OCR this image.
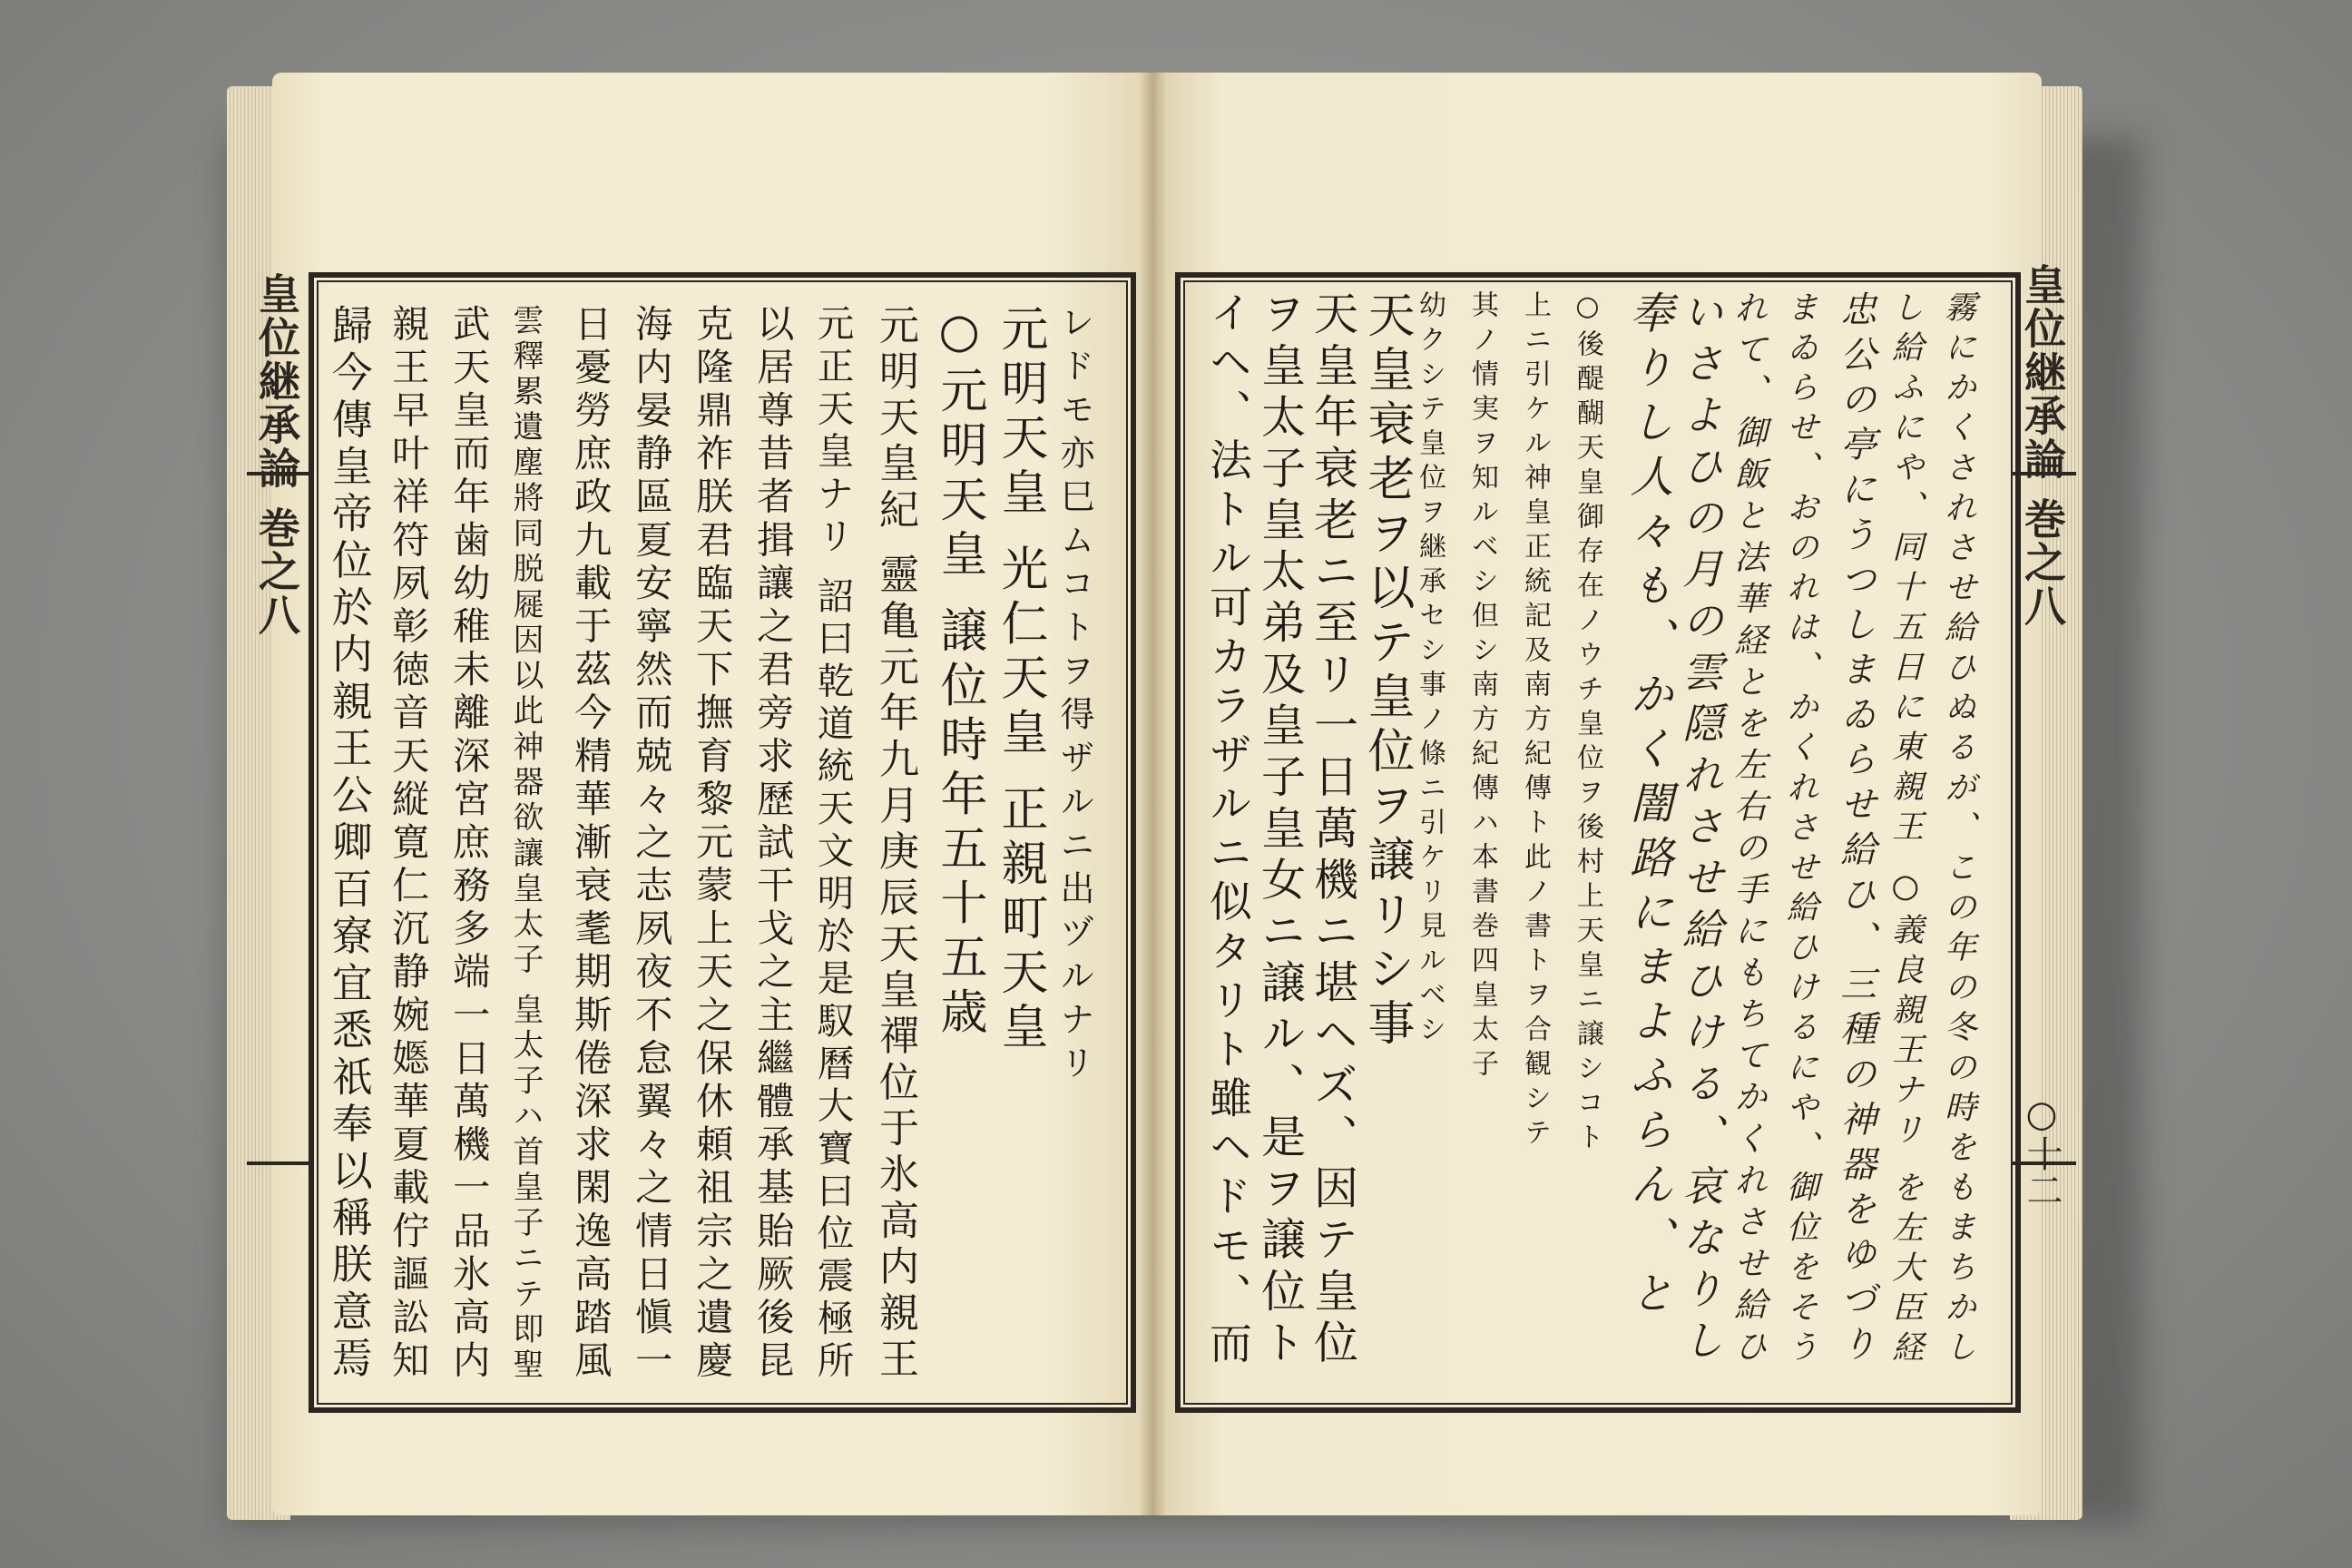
皇位継承論 巻之八	皇位継承論 巻之八
○十二
レドモ亦巳ムコトヲ得ザルニ出ヅルナリ
元明天皇 光仁天皇 正親町天皇
○元明天皇 譲位時年五十五歳
元明天皇紀 靈亀元年九月庚辰天皇禪位于氷高内親王
元正天皇ナリ 詔曰乾道統天文明於是馭曆大寶曰位震極所
以居尊昔者揖讓之君旁求歷試干戈之主繼體承基貽厥後昆
克隆鼎祚朕君臨天下撫育黎元蒙上天之保休頼祖宗之遺慶
海内晏静區夏安寧然而兢々之志夙夜不怠翼々之情日愼一
日憂勞庶政九載于茲今精華漸衰耄期斯倦深求閑逸高踏風
雲釋累遺塵將同脱屣因以此神器欲讓皇太子 皇太子ハ首皇子ニテ即聖
武天皇而年歯幼稚未離深宮庶務多端一日萬機一品氷高内
親王早叶祥符夙彰徳音天縦寛仁沉静婉嫕華夏載佇謳訟知
歸今傳皇帝位於内親王公卿百寮宜悉祇奉以稱朕意焉	霧にかくされさせ給ひぬるが、この年の冬の時をもまちかし
し給ふにや、同十五日に東親王 ○義良親王ナリ を左大臣経
忠公の亭にうつしまゐらせ給ひ、三種の神器をゆづり
まゐらせ、おのれは、かくれさせ給ひけるにや、御位をそう
れて、御飯と法華経とを左右の手にもちてかくれさせ給ひ
いさよひの月の雲隠れさせ給ひける、哀なりし
奉りし人々も、かく闇路にまよふらん、と
○後醍醐天皇御存在ノウチ皇位ヲ後村上天皇ニ譲シコト
上ニ引ケル神皇正統記及南方紀傳ト此ノ書トヲ合観シテ
其ノ情実ヲ知ルベシ但シ南方紀傳ハ本書巻四皇太子
幼クシテ皇位ヲ継承セシ事ノ條ニ引ケリ見ルベシ
天皇衰老ヲ以テ皇位ヲ譲リシ事
天皇年衰老ニ至リ一日萬機ニ堪ヘズ、因テ皇位
ヲ皇太子皇太弟及皇子皇女ニ譲ル、是ヲ譲位ト
イヘ、法トル可カラザルニ似タリト雖ヘドモ、而
